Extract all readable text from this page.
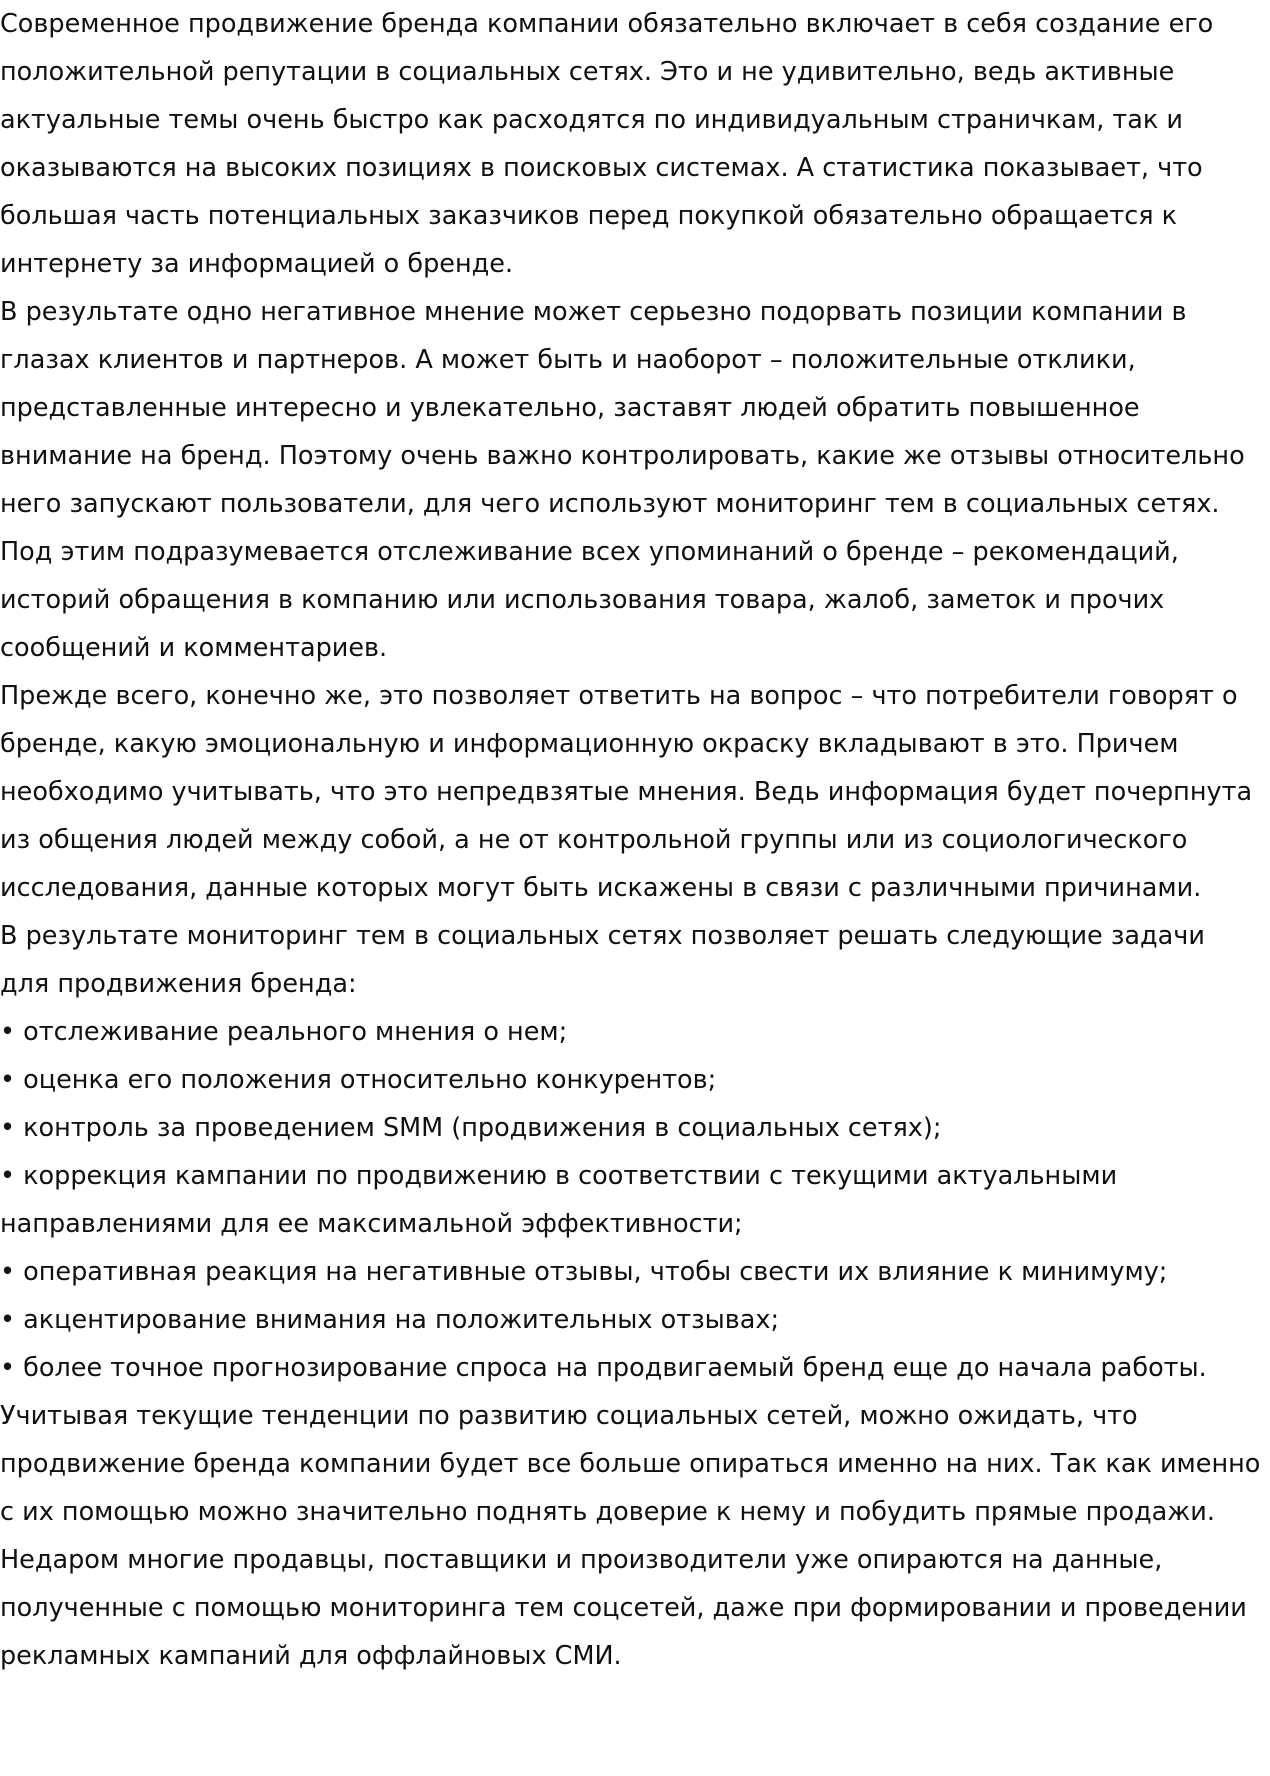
Современное продвижение бренда компании обязательно включает в себя создание его положительной репутации в социальных сетях. Это и не удивительно, ведь активные актуальные темы очень быстро как расходятся по индивидуальным страничкам, так и оказываются на высоких позициях в поисковых системах. А статистика показывает, что большая часть потенциальных заказчиков перед покупкой обязательно обращается к интернету за информацией о бренде.

В результате одно негативное мнение может серьезно подорвать позиции компании в глазах клиентов и партнеров. А может быть и наоборот – положительные отклики, представленные интересно и увлекательно, заставят людей обратить повышенное внимание на бренд. Поэтому очень важно контролировать, какие же отзывы относительно него запускают пользователи, для чего используют мониторинг тем в социальных сетях.

Под этим подразумевается отслеживание всех упоминаний о бренде – рекомендаций, историй обращения в компанию или использования товара, жалоб, заметок и прочих сообщений и комментариев.

Прежде всего, конечно же, это позволяет ответить на вопрос – что потребители говорят о бренде, какую эмоциональную и информационную окраску вкладывают в это. Причем необходимо учитывать, что это непредвзятые мнения. Ведь информация будет почерпнута из общения людей между собой, а не от контрольной группы или из социологического исследования, данные которых могут быть искажены в связи с различными причинами.

В результате мониторинг тем в социальных сетях позволяет решать следующие задачи для продвижения бренда:

• отслеживание реального мнения о нем;
• оценка его положения относительно конкурентов;
• контроль за проведением SMM (продвижения в социальных сетях);
• коррекция кампании по продвижению в соответствии с текущими актуальными направлениями для ее максимальной эффективности;
• оперативная реакция на негативные отзывы, чтобы свести их влияние к минимуму;
• акцентирование внимания на положительных отзывах;
• более точное прогнозирование спроса на продвигаемый бренд еще до начала работы.

Учитывая текущие тенденции по развитию социальных сетей, можно ожидать, что продвижение бренда компании будет все больше опираться именно на них. Так как именно с их помощью можно значительно поднять доверие к нему и побудить прямые продажи.

Недаром многие продавцы, поставщики и производители уже опираются на данные, полученные с помощью мониторинга тем соцсетей, даже при формировании и проведении рекламных кампаний для оффлайновых СМИ.
